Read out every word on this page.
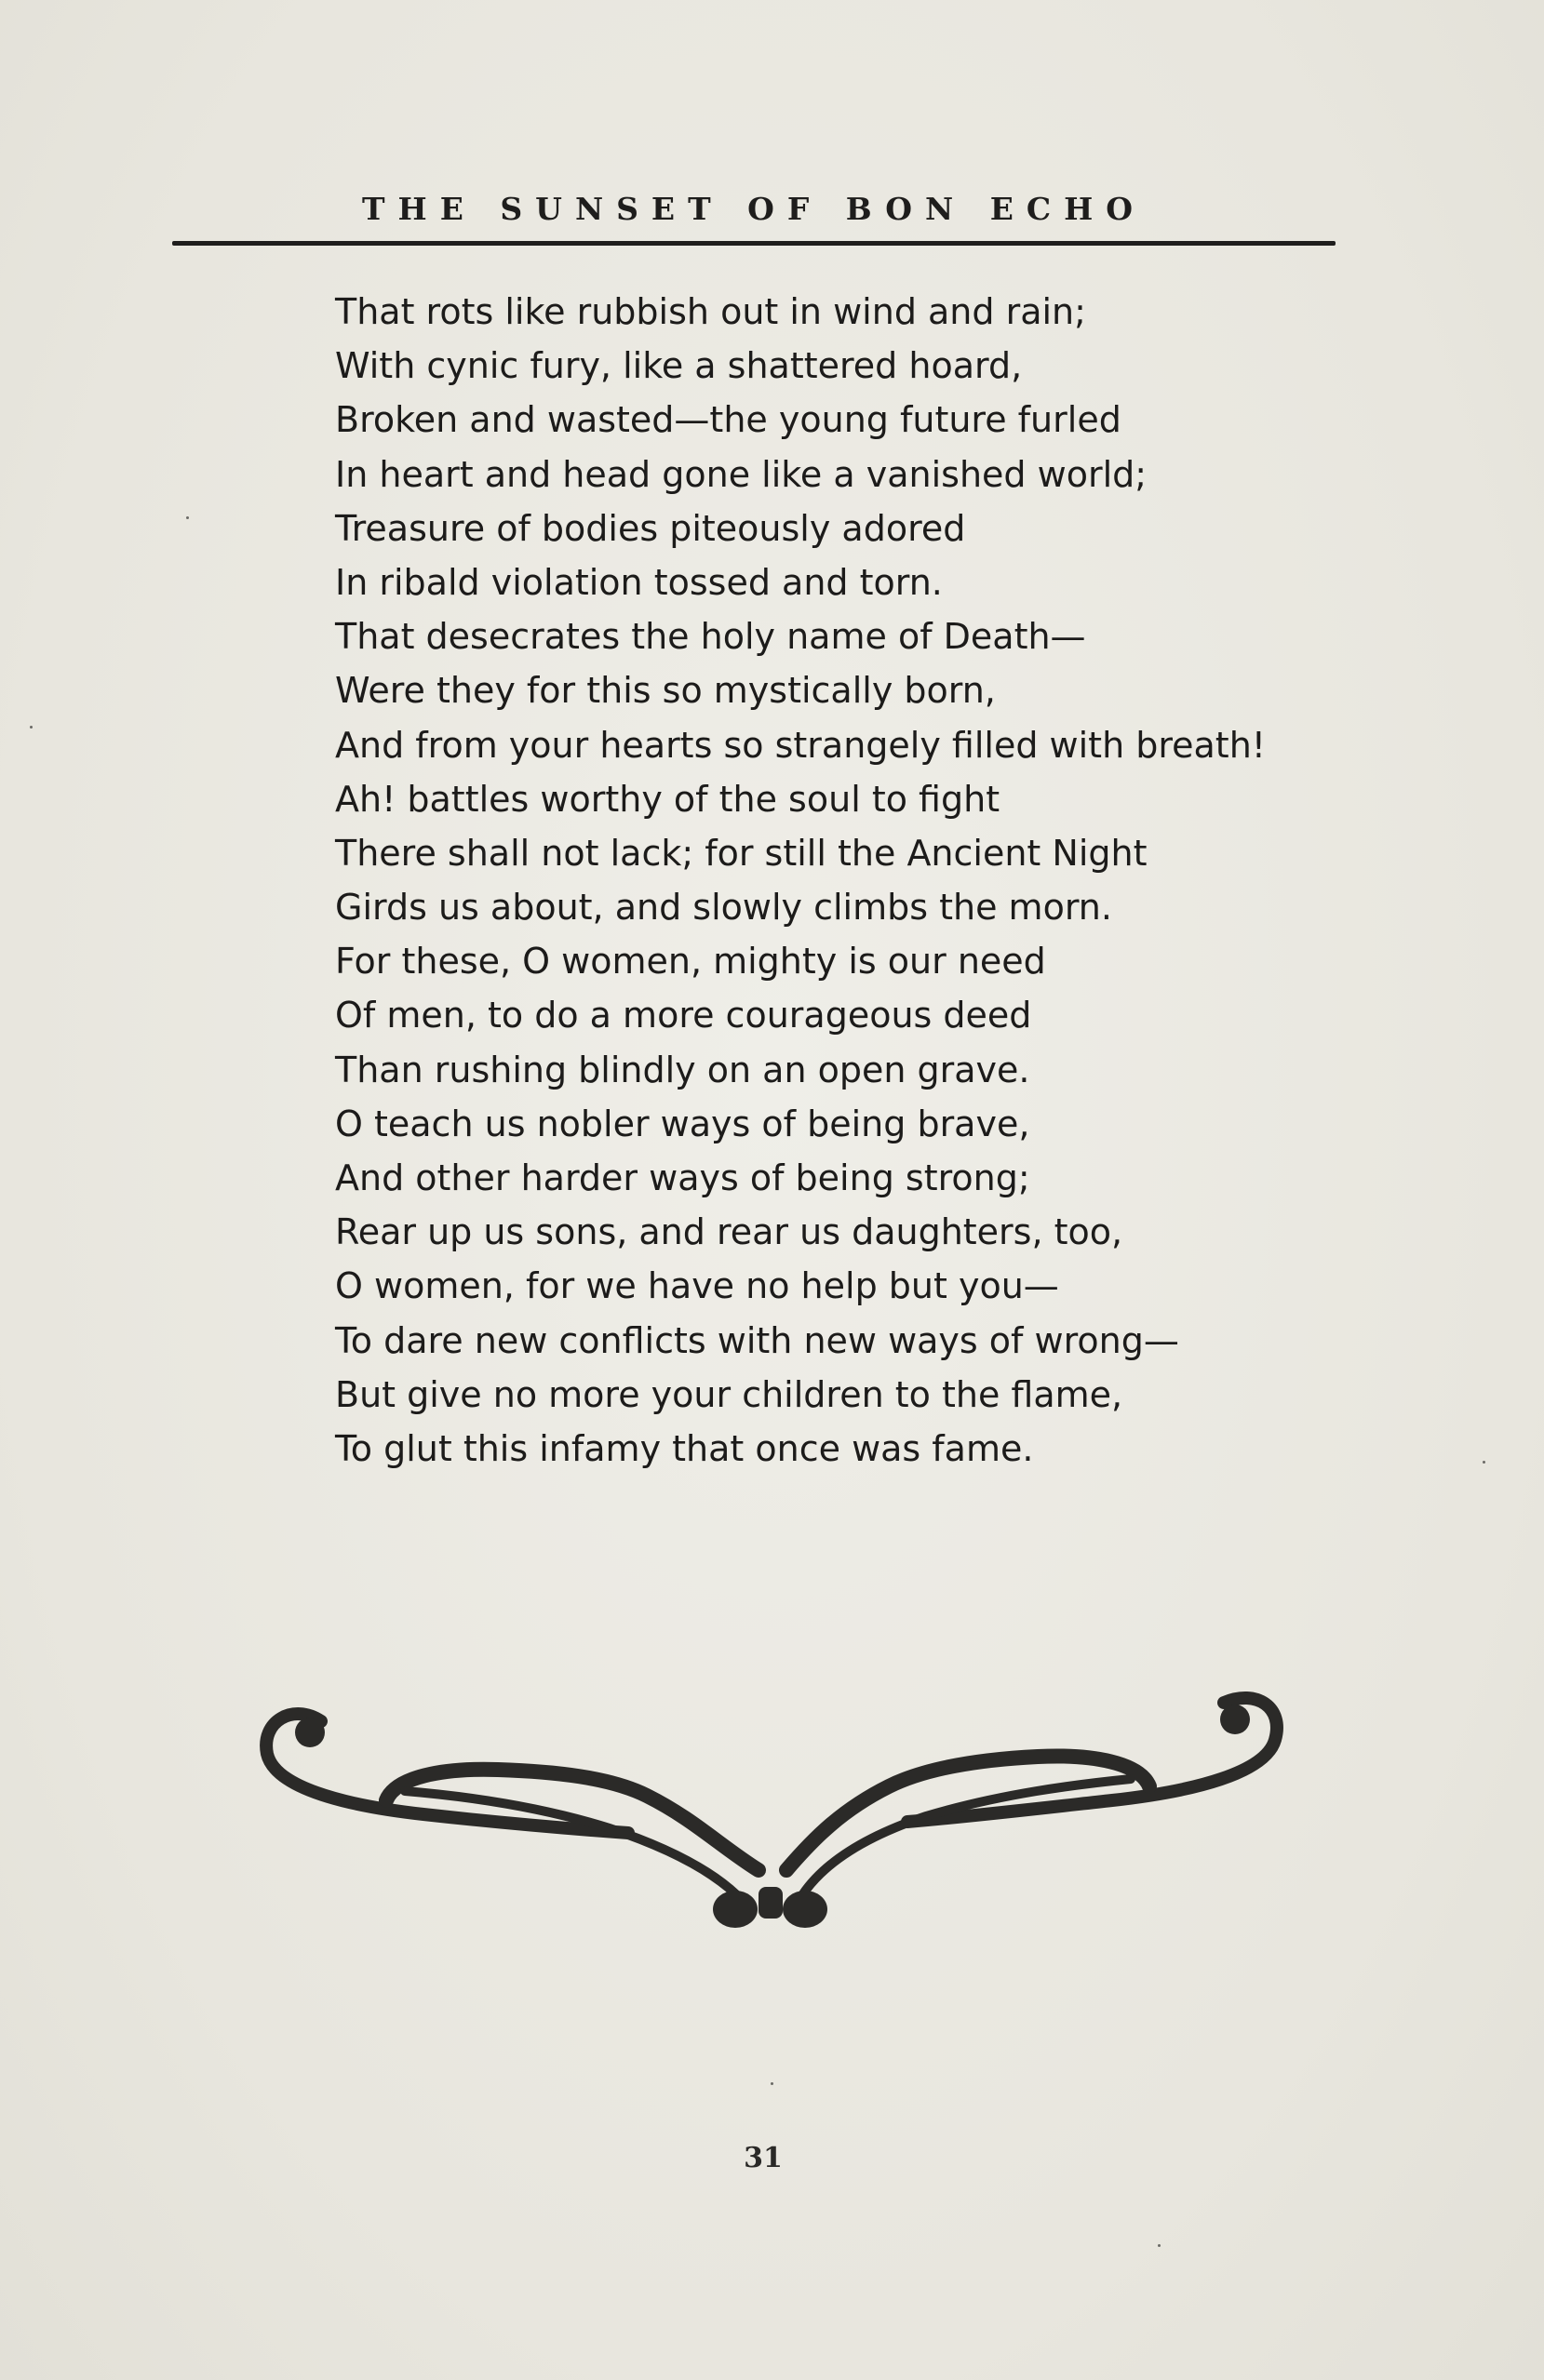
THE SUNSET OF BON ECHO
That rots like rubbish out in wind and rain;
With cynic fury, like a shattered hoard,
Broken and wasted—the young future furled
In heart and head gone like a vanished world;
Treasure of bodies piteously adored
In ribald violation tossed and torn.
That desecrates the holy name of Death—
Were they for this so mystically born,
And from your hearts so strangely filled with breath!
Ah! battles worthy of the soul to fight
There shall not lack; for still the Ancient Night
Girds us about, and slowly climbs the morn.
For these, O women, mighty is our need
Of men, to do a more courageous deed
Than rushing blindly on an open grave.
O teach us nobler ways of being brave,
And other harder ways of being strong;
Rear up us sons, and rear us daughters, too,
O women, for we have no help but you—
To dare new conflicts with new ways of wrong—
But give no more your children to the flame,
To glut this infamy that once was fame.
31
